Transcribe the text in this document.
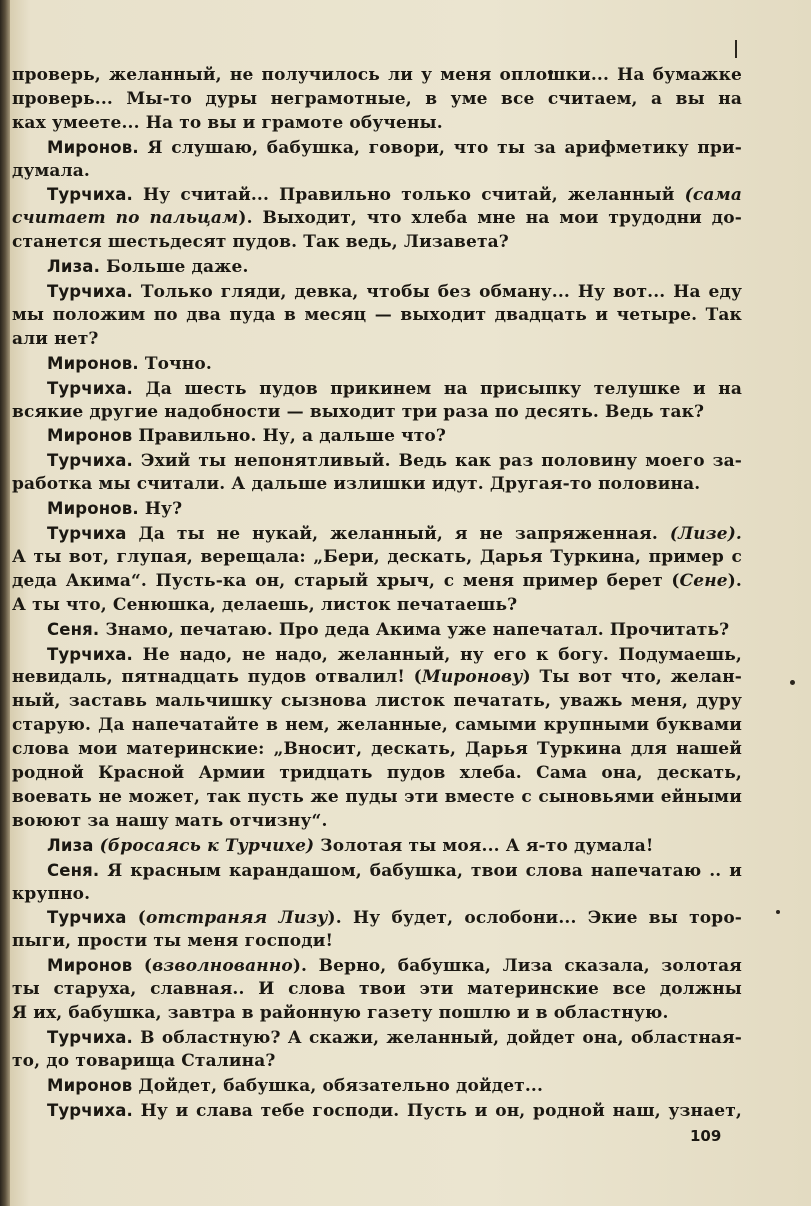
проверь, желанный, не получилось ли у меня оплошки... На бумажке
проверь... Мы-то дуры неграмотные, в уме все считаем, а вы на
ках умеете... На то вы и грамоте обучены.
Миронов. Я слушаю, бабушка, говори, что ты за арифметику при-
думала.
Турчиха. Ну считай... Правильно только считай, желанный (сама
считает по пальцам). Выходит, что хлеба мне на мои трудодни до-
станется шестьдесят пудов. Так ведь, Лизавета?
Лиза. Больше даже.
Турчиха. Только гляди, девка, чтобы без обману... Ну вот... На еду
мы положим по два пуда в месяц — выходит двадцать и четыре. Так
али нет?
Миронов. Точно.
Турчиха. Да шесть пудов прикинем на присыпку телушке и на
всякие другие надобности — выходит три раза по десять. Ведь так?
Миронов Правильно. Ну, а дальше что?
Турчиха. Эхий ты непонятливый. Ведь как раз половину моего за-
работка мы считали. А дальше излишки идут. Другая-то половина.
Миронов. Ну?
Турчиха Да ты не нукай, желанный, я не запряженная. (Лизе).
А ты вот, глупая, верещала: „Бери, дескать, Дарья Туркина, пример с
деда Акима“. Пусть-ка он, старый хрыч, с меня пример берет (Сене).
А ты что, Сенюшка, делаешь, листок печатаешь?
Сеня. Знамо, печатаю. Про деда Акима уже напечатал. Прочитать?
Турчиха. Не надо, не надо, желанный, ну его к богу. Подумаешь,
невидаль, пятнадцать пудов отвалил! (Миронову) Ты вот что, желан-
ный, заставь мальчишку сызнова листок печатать, уважь меня, дуру
старую. Да напечатайте в нем, желанные, самыми крупными буквами
слова мои материнские: „Вносит, дескать, Дарья Туркина для нашей
родной Красной Армии тридцать пудов хлеба. Сама она, дескать,
воевать не может, так пусть же пуды эти вместе с сыновьями ейными
воюют за нашу мать отчизну“.
Лиза (бросаясь к Турчихе) Золотая ты моя... А я-то думала!
Сеня. Я красным карандашом, бабушка, твои слова напечатаю .. и
крупно.
Турчиха (отстраняя Лизу). Ну будет, ослобони... Экие вы торо-
пыги, прости ты меня господи!
Миронов (взволнованно). Верно, бабушка, Лиза сказала, золотая
ты старуха, славная.. И слова твои эти материнские все должны
Я их, бабушка, завтра в районную газету пошлю и в областную.
Турчиха. В областную? А скажи, желанный, дойдет она, областная-
то, до товарища Сталина?
Миронов Дойдет, бабушка, обязательно дойдет...
Турчиха. Ну и слава тебе господи. Пусть и он, родной наш, узнает,
109
